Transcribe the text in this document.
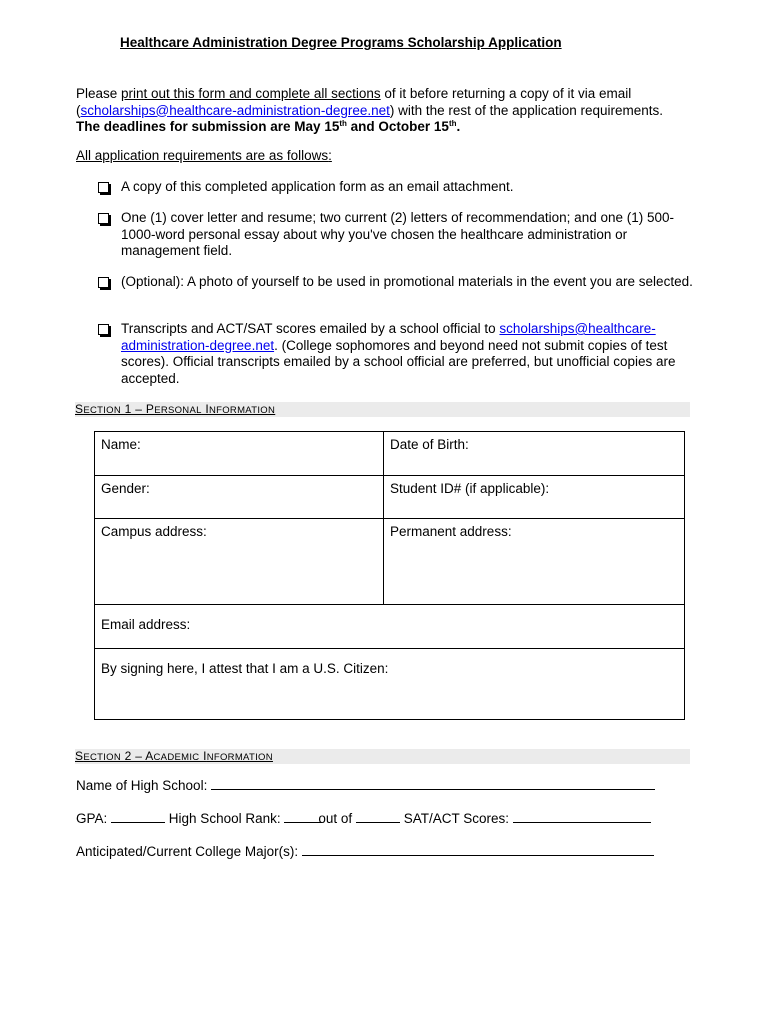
Healthcare Administration Degree Programs Scholarship Application
Please print out this form and complete all sections of it before returning a copy of it via email
(scholarships@healthcare-administration-degree.net) with the rest of the application requirements.
The deadlines for submission are May 15th and October 15th.
All application requirements are as follows:
A copy of this completed application form as an email attachment.
One (1) cover letter and resume; two current (2) letters of recommendation; and one (1) 500-1000-word personal essay about why you've chosen the healthcare administration or management field.
(Optional): A photo of yourself to be used in promotional materials in the event you are selected.
Transcripts and ACT/SAT scores emailed by a school official to scholarships@healthcare-administration-degree.net. (College sophomores and beyond need not submit copies of test scores). Official transcripts emailed by a school official are preferred, but unofficial copies are accepted.
SECTION 1 – PERSONAL INFORMATION
Name:	Date of Birth:
Gender:	Student ID# (if applicable):
Campus address:	Permanent address:
Email address:	
By signing here, I attest that I am a U.S. Citizen:	
SECTION 2 – ACADEMIC INFORMATION
Name of High School:
GPA:	High School Rank:	out of	SAT/ACT Scores:
Anticipated/Current College Major(s):
